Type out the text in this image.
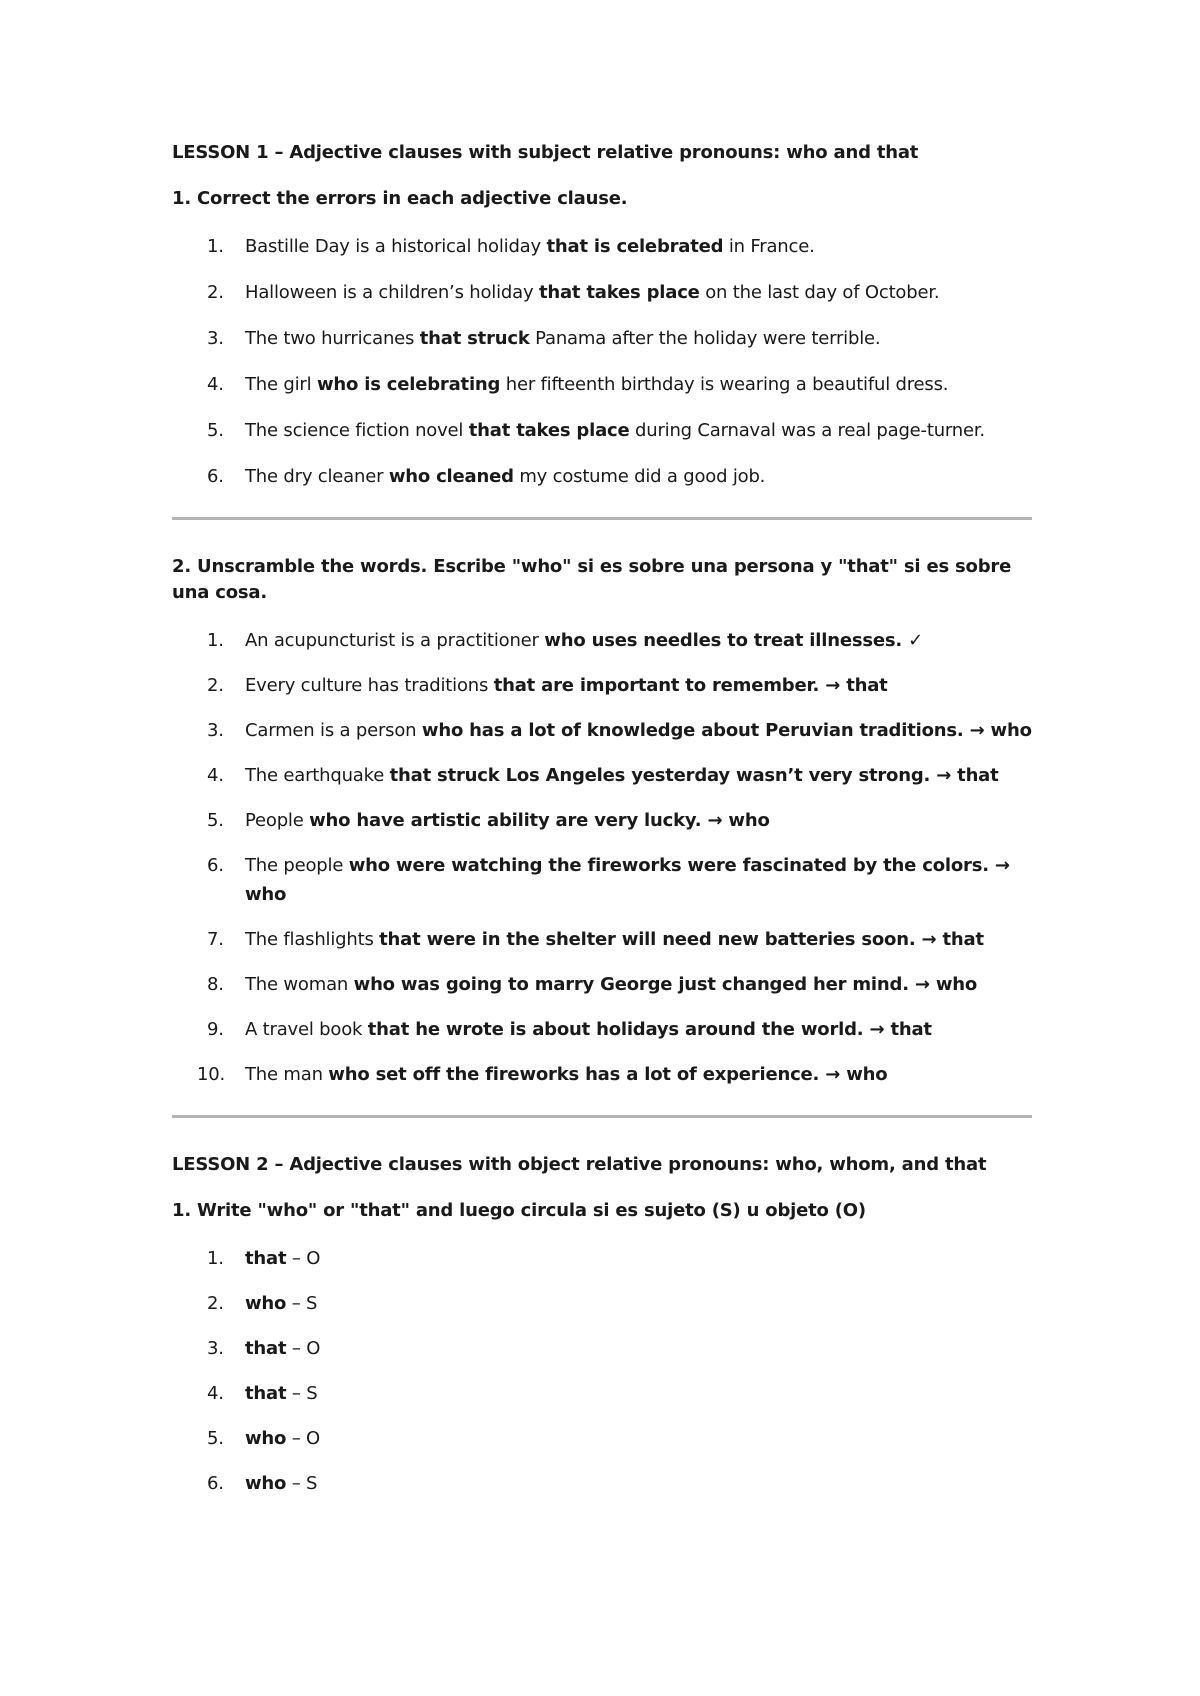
LESSON 1 – Adjective clauses with subject relative pronouns: who and that
1. Correct the errors in each adjective clause.
1. Bastille Day is a historical holiday that is celebrated in France.
2. Halloween is a children’s holiday that takes place on the last day of October.
3. The two hurricanes that struck Panama after the holiday were terrible.
4. The girl who is celebrating her fifteenth birthday is wearing a beautiful dress.
5. The science fiction novel that takes place during Carnaval was a real page-turner.
6. The dry cleaner who cleaned my costume did a good job.
2. Unscramble the words. Escribe "who" si es sobre una persona y "that" si es sobre una cosa.
1. An acupuncturist is a practitioner who uses needles to treat illnesses. ✓
2. Every culture has traditions that are important to remember. → that
3. Carmen is a person who has a lot of knowledge about Peruvian traditions. → who
4. The earthquake that struck Los Angeles yesterday wasn’t very strong. → that
5. People who have artistic ability are very lucky. → who
6. The people who were watching the fireworks were fascinated by the colors. → who
7. The flashlights that were in the shelter will need new batteries soon. → that
8. The woman who was going to marry George just changed her mind. → who
9. A travel book that he wrote is about holidays around the world. → that
10. The man who set off the fireworks has a lot of experience. → who
LESSON 2 – Adjective clauses with object relative pronouns: who, whom, and that
1. Write "who" or "that" and luego circula si es sujeto (S) u objeto (O)
1. that – O
2. who – S
3. that – O
4. that – S
5. who – O
6. who – S
